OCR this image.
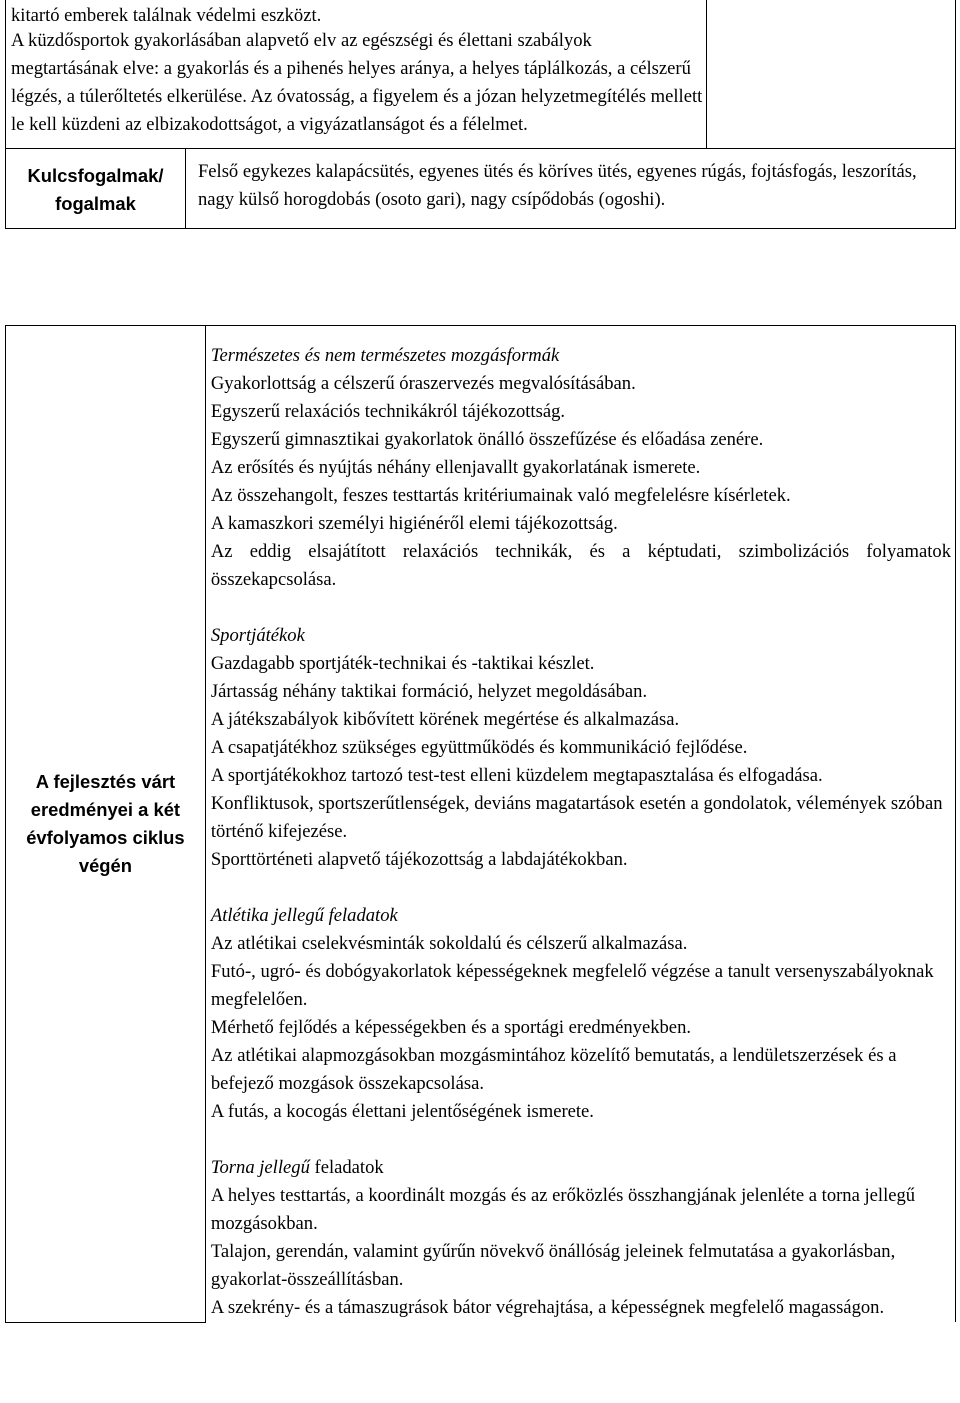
kitartó emberek találnak védelmi eszközt.

A küzdősportok gyakorlásában alapvető elv az egészségi és élettani szabályok megtartásának elve: a gyakorlás és a pihenés helyes aránya, a helyes táplálkozás, a célszerű légzés, a túlerőltetés elkerülése. Az óvatosság, a figyelem és a józan helyzetmegítélés mellett le kell küzdeni az elbizakodottságot, a vigyázatlanságot és a félelmet.		

Kulcsfogalmak/
fogalmak	Felső egykezes kalapácsütés, egyenes ütés és köríves ütés, egyenes rúgás, fojtásfogás, leszorítás, nagy külső horogdobás (osoto gari), nagy csípődobás (ogoshi).	

A fejlesztés várt eredményei a két évfolyamos ciklus végén

Természetes és nem természetes mozgásformák

Gyakorlottság a célszerű óraszervezés megvalósításában.

Egyszerű relaxációs technikákról tájékozottság.

Egyszerű gimnasztikai gyakorlatok önálló összefűzése és előadása zenére.

Az erősítés és nyújtás néhány ellenjavallt gyakorlatának ismerete.

Az összehangolt, feszes testtartás kritériumainak való megfelelésre kísérletek.

A kamaszkori személyi higiénéről elemi tájékozottság.

Az eddig elsajátított relaxációs technikák, és a képtudati, szimbolizációs folyamatok összekapcsolása.

Sportjátékok

Gazdagabb sportjáték-technikai és -taktikai készlet.

Jártasság néhány taktikai formáció, helyzet megoldásában.

A játékszabályok kibővített körének megértése és alkalmazása.

A csapatjátékhoz szükséges együttműködés és kommunikáció fejlődése.

A sportjátékokhoz tartozó test-test elleni küzdelem megtapasztalása és elfogadása.

Konfliktusok, sportszerűtlenségek, deviáns magatartások esetén a gondolatok, vélemények szóban történő kifejezése.

Sporttörténeti alapvető tájékozottság a labdajátékokban.

Atlétika jellegű feladatok

Az atlétikai cselekvésminták sokoldalú és célszerű alkalmazása.

Futó-, ugró- és dobógyakorlatok képességeknek megfelelő végzése a tanult versenyszabályoknak megfelelően.

Mérhető fejlődés a képességekben és a sportági eredményekben.

Az atlétikai alapmozgásokban mozgásmintához közelítő bemutatás, a lendületszerzések és a befejező mozgások összekapcsolása.

A futás, a kocogás élettani jelentőségének ismerete.

Torna jellegű feladatok

A helyes testtartás, a koordinált mozgás és az erőközlés összhangjának jelenléte a torna jellegű mozgásokban.

Talajon, gerendán, valamint gyűrűn növekvő önállóság jeleinek felmutatása a gyakorlásban, gyakorlat-összeállításban.

A szekrény- és a támaszugrások bátor végrehajtása, a képességnek megfelelő magasságon.
